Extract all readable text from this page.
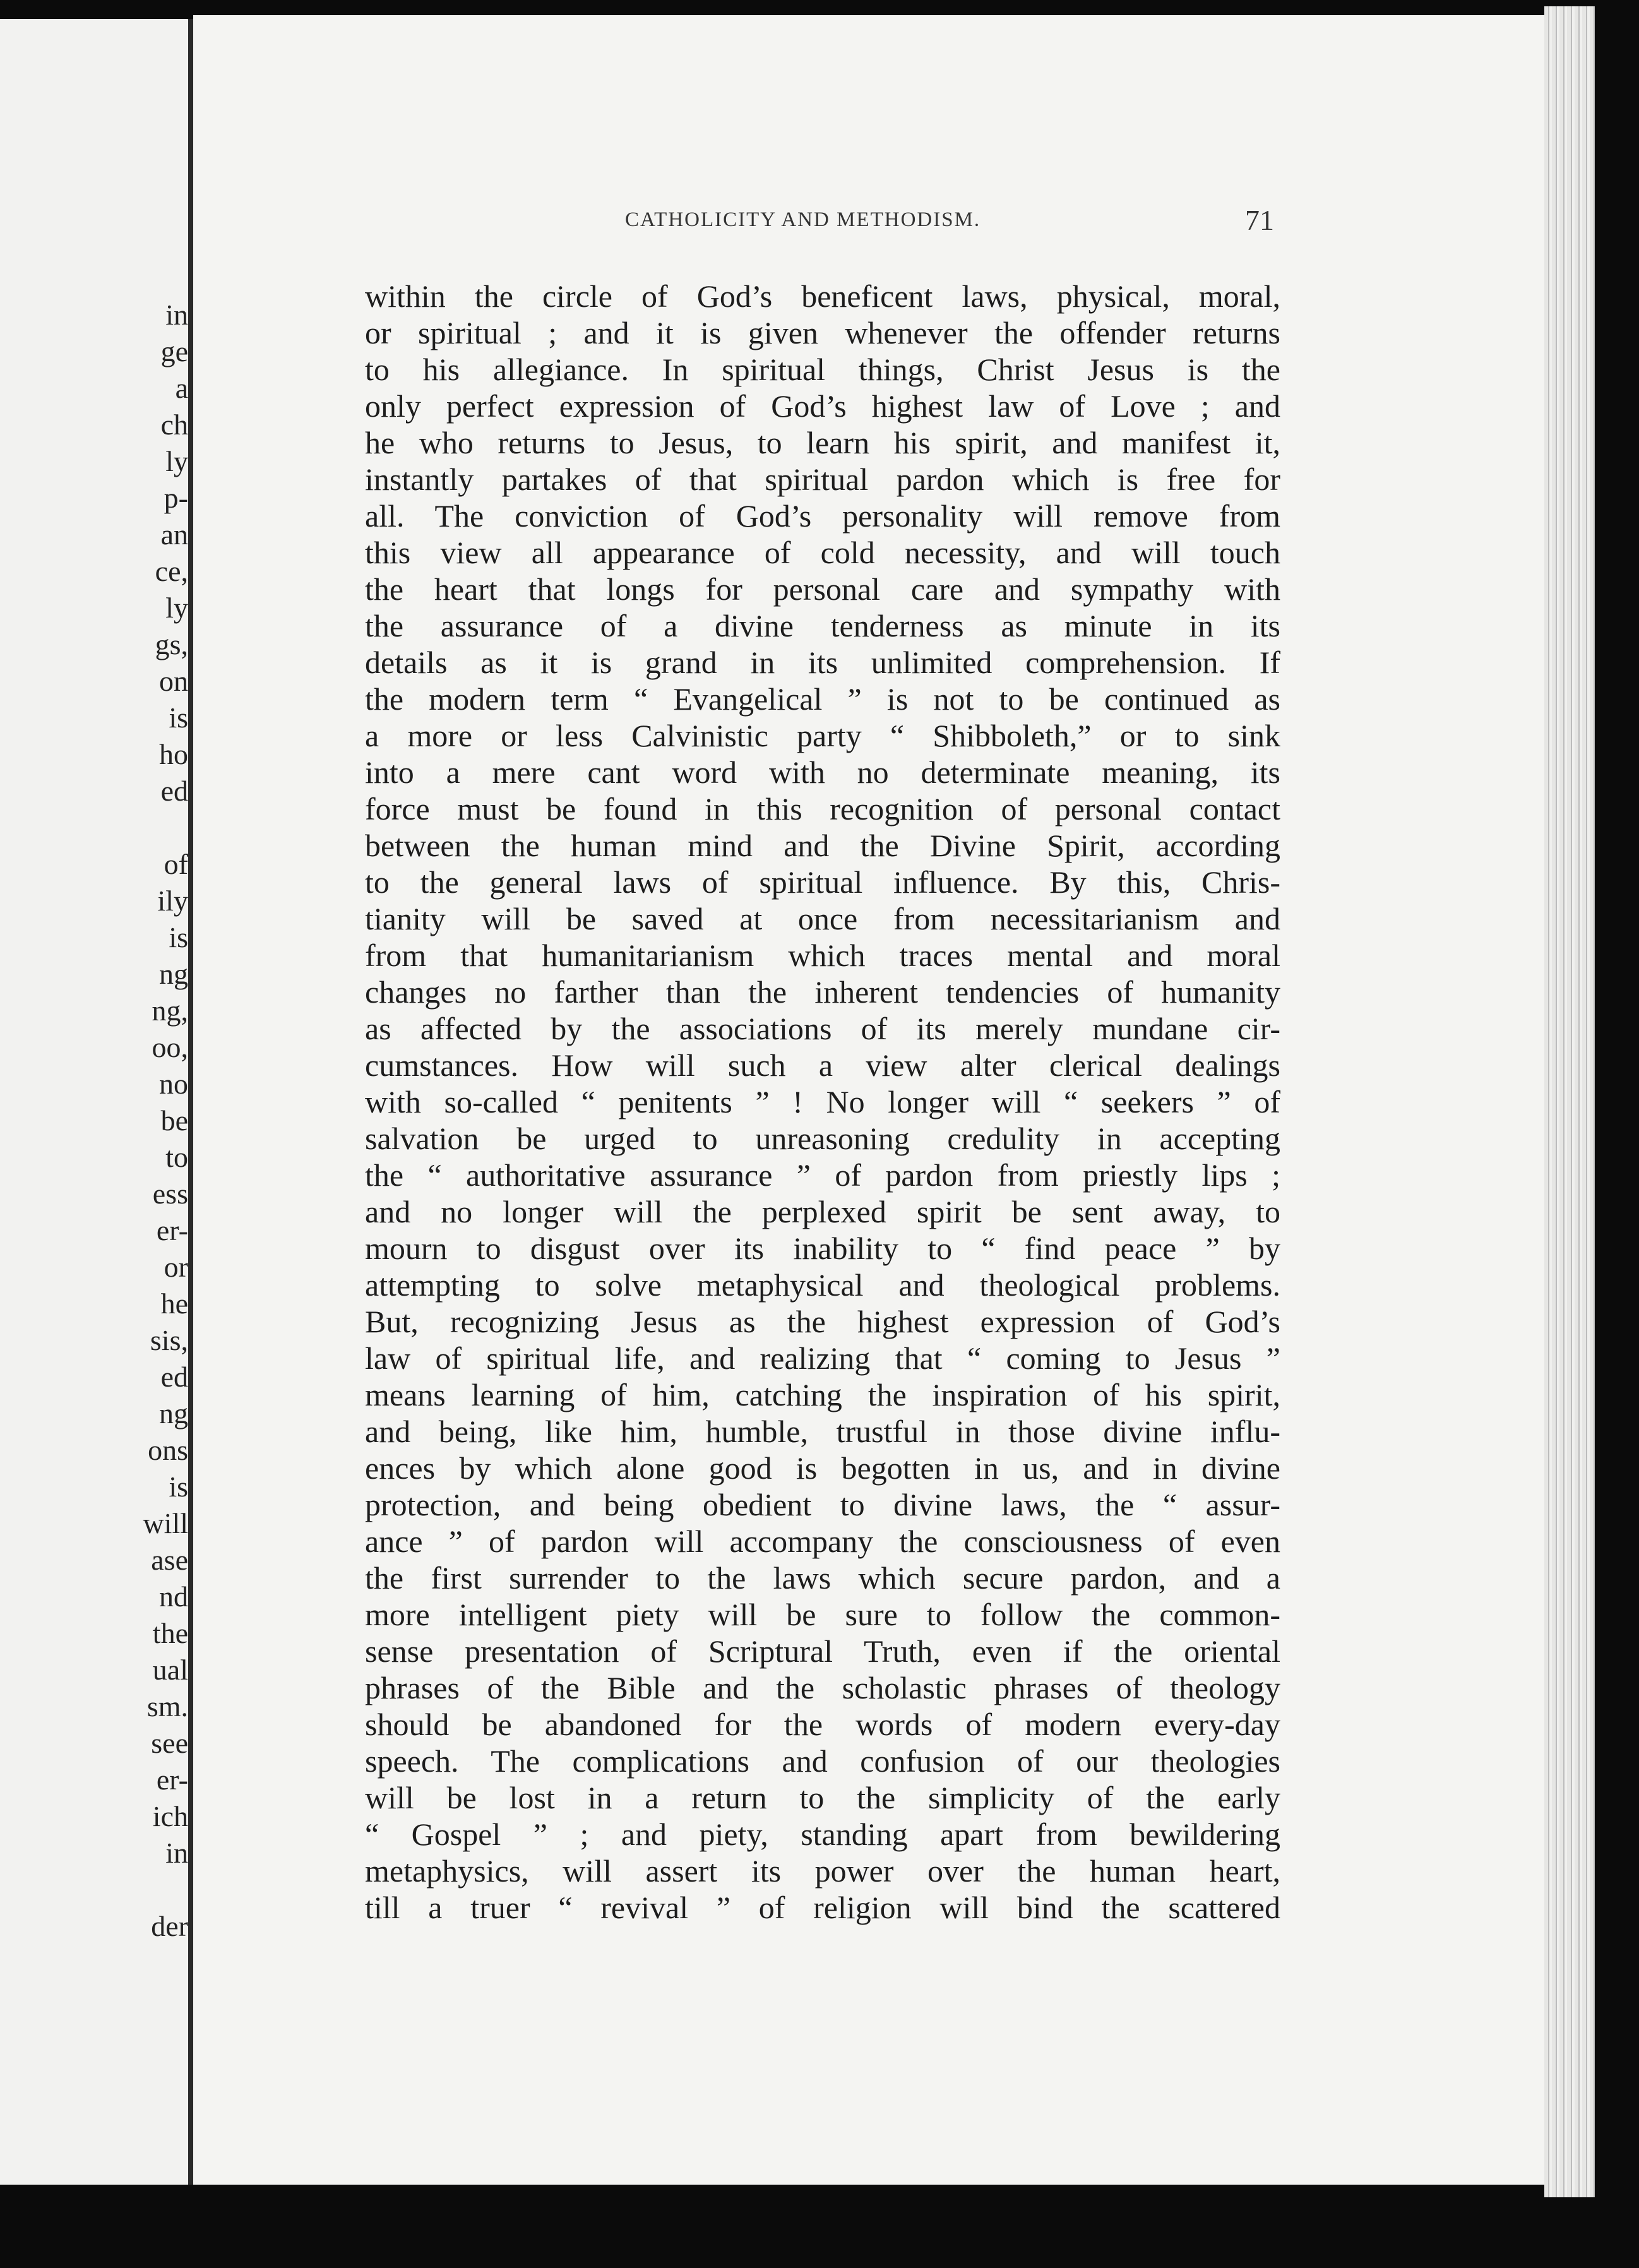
in
ge
a
ch
ly
p-
an
ce,
ly
gs,
on
is
ho
ed
of
ily
is
ng
ng,
oo,
no
be
to
ess
er-
or
he
sis,
ed
ng
ons
is
will
ase
nd
the
ual
sm.
see
er-
ich
in
der
CATHOLICITY AND METHODISM.	71
within the circle of God’s beneficent laws, physical, moral,
or spiritual ; and it is given whenever the offender returns
to his allegiance. In spiritual things, Christ Jesus is the
only perfect expression of God’s highest law of Love ; and
he who returns to Jesus, to learn his spirit, and manifest it,
instantly partakes of that spiritual pardon which is free for
all. The conviction of God’s personality will remove from
this view all appearance of cold necessity, and will touch
the heart that longs for personal care and sympathy with
the assurance of a divine tenderness as minute in its
details as it is grand in its unlimited comprehension. If
the modern term “ Evangelical ” is not to be continued as
a more or less Calvinistic party “ Shibboleth,” or to sink
into a mere cant word with no determinate meaning, its
force must be found in this recognition of personal contact
between the human mind and the Divine Spirit, according
to the general laws of spiritual influence. By this, Chris-
tianity will be saved at once from necessitarianism and
from that humanitarianism which traces mental and moral
changes no farther than the inherent tendencies of humanity
as affected by the associations of its merely mundane cir-
cumstances. How will such a view alter clerical dealings
with so-called “ penitents ” ! No longer will “ seekers ” of
salvation be urged to unreasoning credulity in accepting
the “ authoritative assurance ” of pardon from priestly lips ;
and no longer will the perplexed spirit be sent away, to
mourn to disgust over its inability to “ find peace ” by
attempting to solve metaphysical and theological problems.
But, recognizing Jesus as the highest expression of God’s
law of spiritual life, and realizing that “ coming to Jesus ”
means learning of him, catching the inspiration of his spirit,
and being, like him, humble, trustful in those divine influ-
ences by which alone good is begotten in us, and in divine
protection, and being obedient to divine laws, the “ assur-
ance ” of pardon will accompany the consciousness of even
the first surrender to the laws which secure pardon, and a
more intelligent piety will be sure to follow the common-
sense presentation of Scriptural Truth, even if the oriental
phrases of the Bible and the scholastic phrases of theology
should be abandoned for the words of modern every-day
speech. The complications and confusion of our theologies
will be lost in a return to the simplicity of the early
“ Gospel ” ; and piety, standing apart from bewildering
metaphysics, will assert its power over the human heart,
till a truer “ revival ” of religion will bind the scattered
